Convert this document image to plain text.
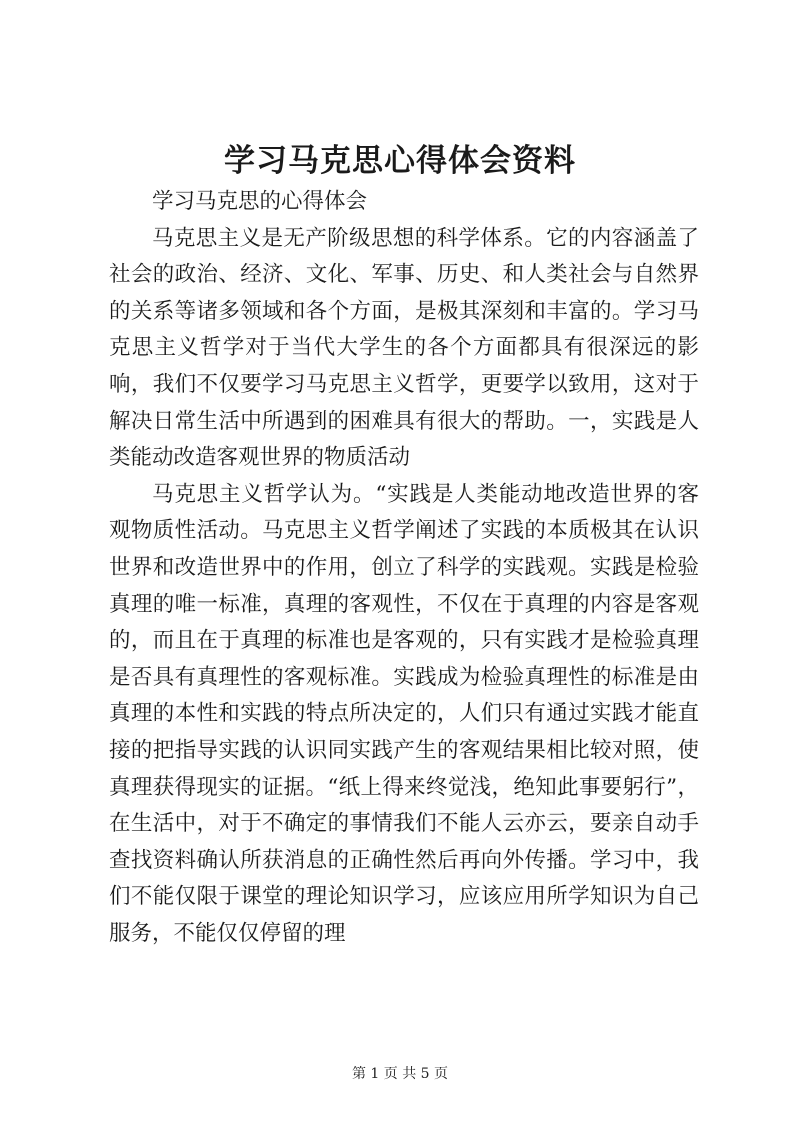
学习马克思心得体会资料

学习马克思的心得体会

马克思主义是无产阶级思想的科学体系。它的内容涵盖了社会的政治、经济、文化、军事、历史、和人类社会与自然界的关系等诸多领域和各个方面，是极其深刻和丰富的。学习马克思主义哲学对于当代大学生的各个方面都具有很深远的影响，我们不仅要学习马克思主义哲学，更要学以致用，这对于解决日常生活中所遇到的困难具有很大的帮助。一，实践是人类能动改造客观世界的物质活动

马克思主义哲学认为。“实践是人类能动地改造世界的客观物质性活动。马克思主义哲学阐述了实践的本质极其在认识世界和改造世界中的作用，创立了科学的实践观。实践是检验真理的唯一标准，真理的客观性，不仅在于真理的内容是客观的，而且在于真理的标准也是客观的，只有实践才是检验真理是否具有真理性的客观标准。实践成为检验真理性的标准是由真理的本性和实践的特点所决定的，人们只有通过实践才能直接的把指导实践的认识同实践产生的客观结果相比较对照，使真理获得现实的证据。“纸上得来终觉浅，绝知此事要躬行”，在生活中，对于不确定的事情我们不能人云亦云，要亲自动手查找资料确认所获消息的正确性然后再向外传播。学习中，我们不能仅限于课堂的理论知识学习，应该应用所学知识为自己服务，不能仅仅停留的理

第 1 页 共 5 页
